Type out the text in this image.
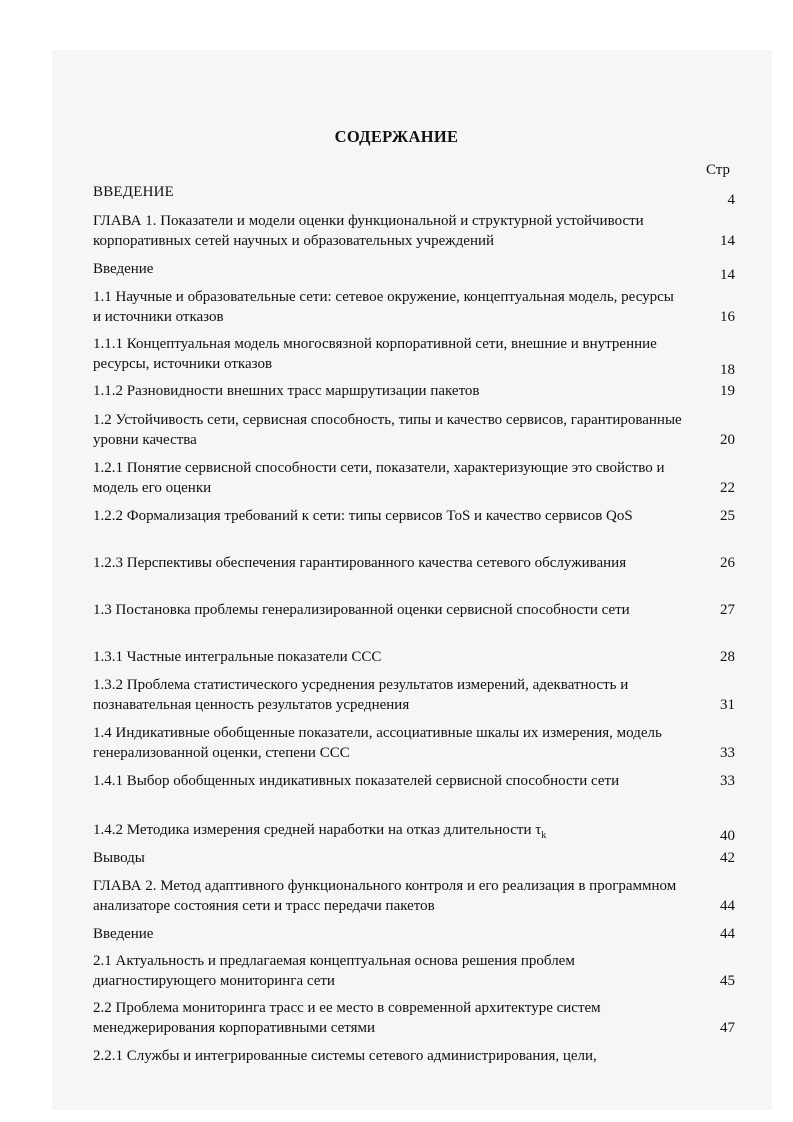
СОДЕРЖАНИЕ
Стр
ВВЕДЕНИЕ	4
ГЛАВА 1. Показатели и модели оценки функциональной и структурной устойчивости корпоративных сетей научных и образовательных учреждений	14
Введение	14
1.1 Научные и образовательные сети: сетевое окружение, концептуальная модель, ресурсы и источники отказов	16
1.1.1 Концептуальная модель многосвязной корпоративной сети, внешние и внутренние ресурсы, источники отказов	18
1.1.2 Разновидности внешних трасс маршрутизации пакетов	19
1.2 Устойчивость сети, сервисная способность, типы и качество сервисов, гарантированные уровни качества	20
1.2.1 Понятие сервисной способности сети, показатели, характеризующие это свойство и модель его оценки	22
1.2.2 Формализация требований к сети: типы сервисов ToS и качество сервисов QoS	25
1.2.3 Перспективы обеспечения гарантированного качества сетевого обслуживания	26
1.3 Постановка проблемы генерализированной оценки сервисной способности сети	27
1.3.1 Частные интегральные показатели ССС	28
1.3.2 Проблема статистического усреднения результатов измерений, адекватность и познавательная ценность результатов усреднения	31
1.4 Индикативные обобщенные показатели, ассоциативные шкалы их измерения, модель генерализованной оценки, степени ССС	33
1.4.1 Выбор обобщенных индикативных показателей сервисной способности сети	33
1.4.2 Методика измерения средней наработки на отказ длительности $\tau_k$	40
Выводы	42
ГЛАВА 2. Метод адаптивного функционального контроля и его реализация в программном анализаторе состояния сети и трасс передачи пакетов	44
Введение	44
2.1 Актуальность и предлагаемая концептуальная основа решения проблем диагностирующего мониторинга сети	45
2.2 Проблема мониторинга трасс и ее место в современной архитектуре систем менеджерирования корпоративными сетями	47
2.2.1 Службы и интегрированные системы сетевого администрирования, цели,
